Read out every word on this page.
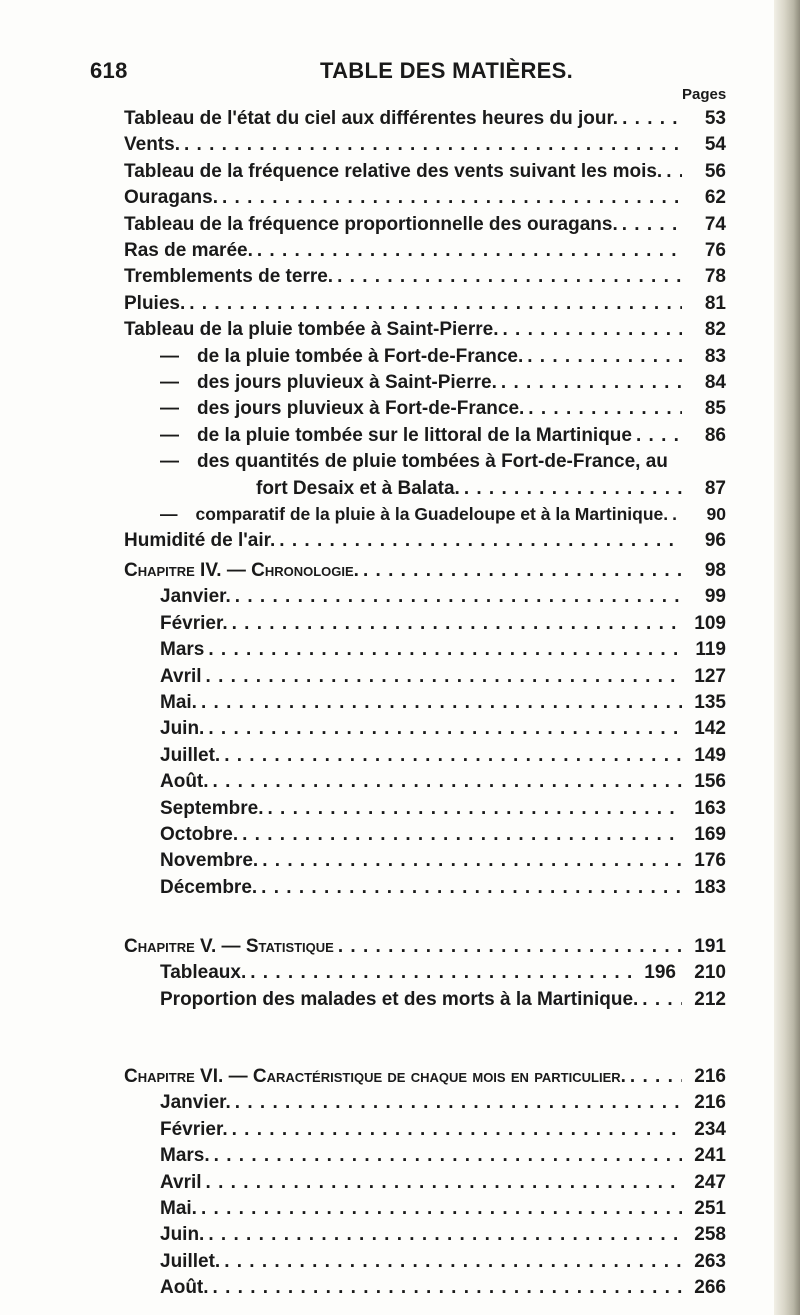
618	TABLE DES MATIÈRES.
Pages
Tableau de l'état du ciel aux différentes heures du jour. . . .	53
Vents. . . .	54
Tableau de la fréquence relative des vents suivant les mois. . . .	56
Ouragans. . . .	62
Tableau de la fréquence proportionnelle des ouragans. . . .	74
Ras de marée. . . .	76
Tremblements de terre. . . .	78
Pluies. . . .	81
Tableau de la pluie tombée à Saint-Pierre. . . .	82
— de la pluie tombée à Fort-de-France. . . .	83
— des jours pluvieux à Saint-Pierre. . . .	84
— des jours pluvieux à Fort-de-France. . . .	85
— de la pluie tombée sur le littoral de la Martinique . . .	86
— des quantités de pluie tombées à Fort-de-France, au
fort Desaix et à Balata. . . .	87
— comparatif de la pluie à la Guadeloupe et à la Martinique. . . .	90
Humidité de l'air. . . .	96
Chapitre IV. — Chronologie. . . .	98
Janvier. . . .	99
Février. . . .	109
Mars . . .	119
Avril . . .	127
Mai. . . .	135
Juin. . . .	142
Juillet. . . .	149
Août. . . .	156
Septembre. . . .	163
Octobre. . . .	169
Novembre. . . .	176
Décembre. . . .	183
Chapitre V. — Statistique . . .	191
Tableaux. . . .	196 210
Proportion des malades et des morts à la Martinique. . . .	212
Chapitre VI. — Caractéristique de chaque mois en particulier. . . .	216
Janvier. . . .	216
Février. . . .	234
Mars. . . .	241
Avril . . .	247
Mai. . . .	251
Juin. . . .	258
Juillet. . . .	263
Août. . . .	266
